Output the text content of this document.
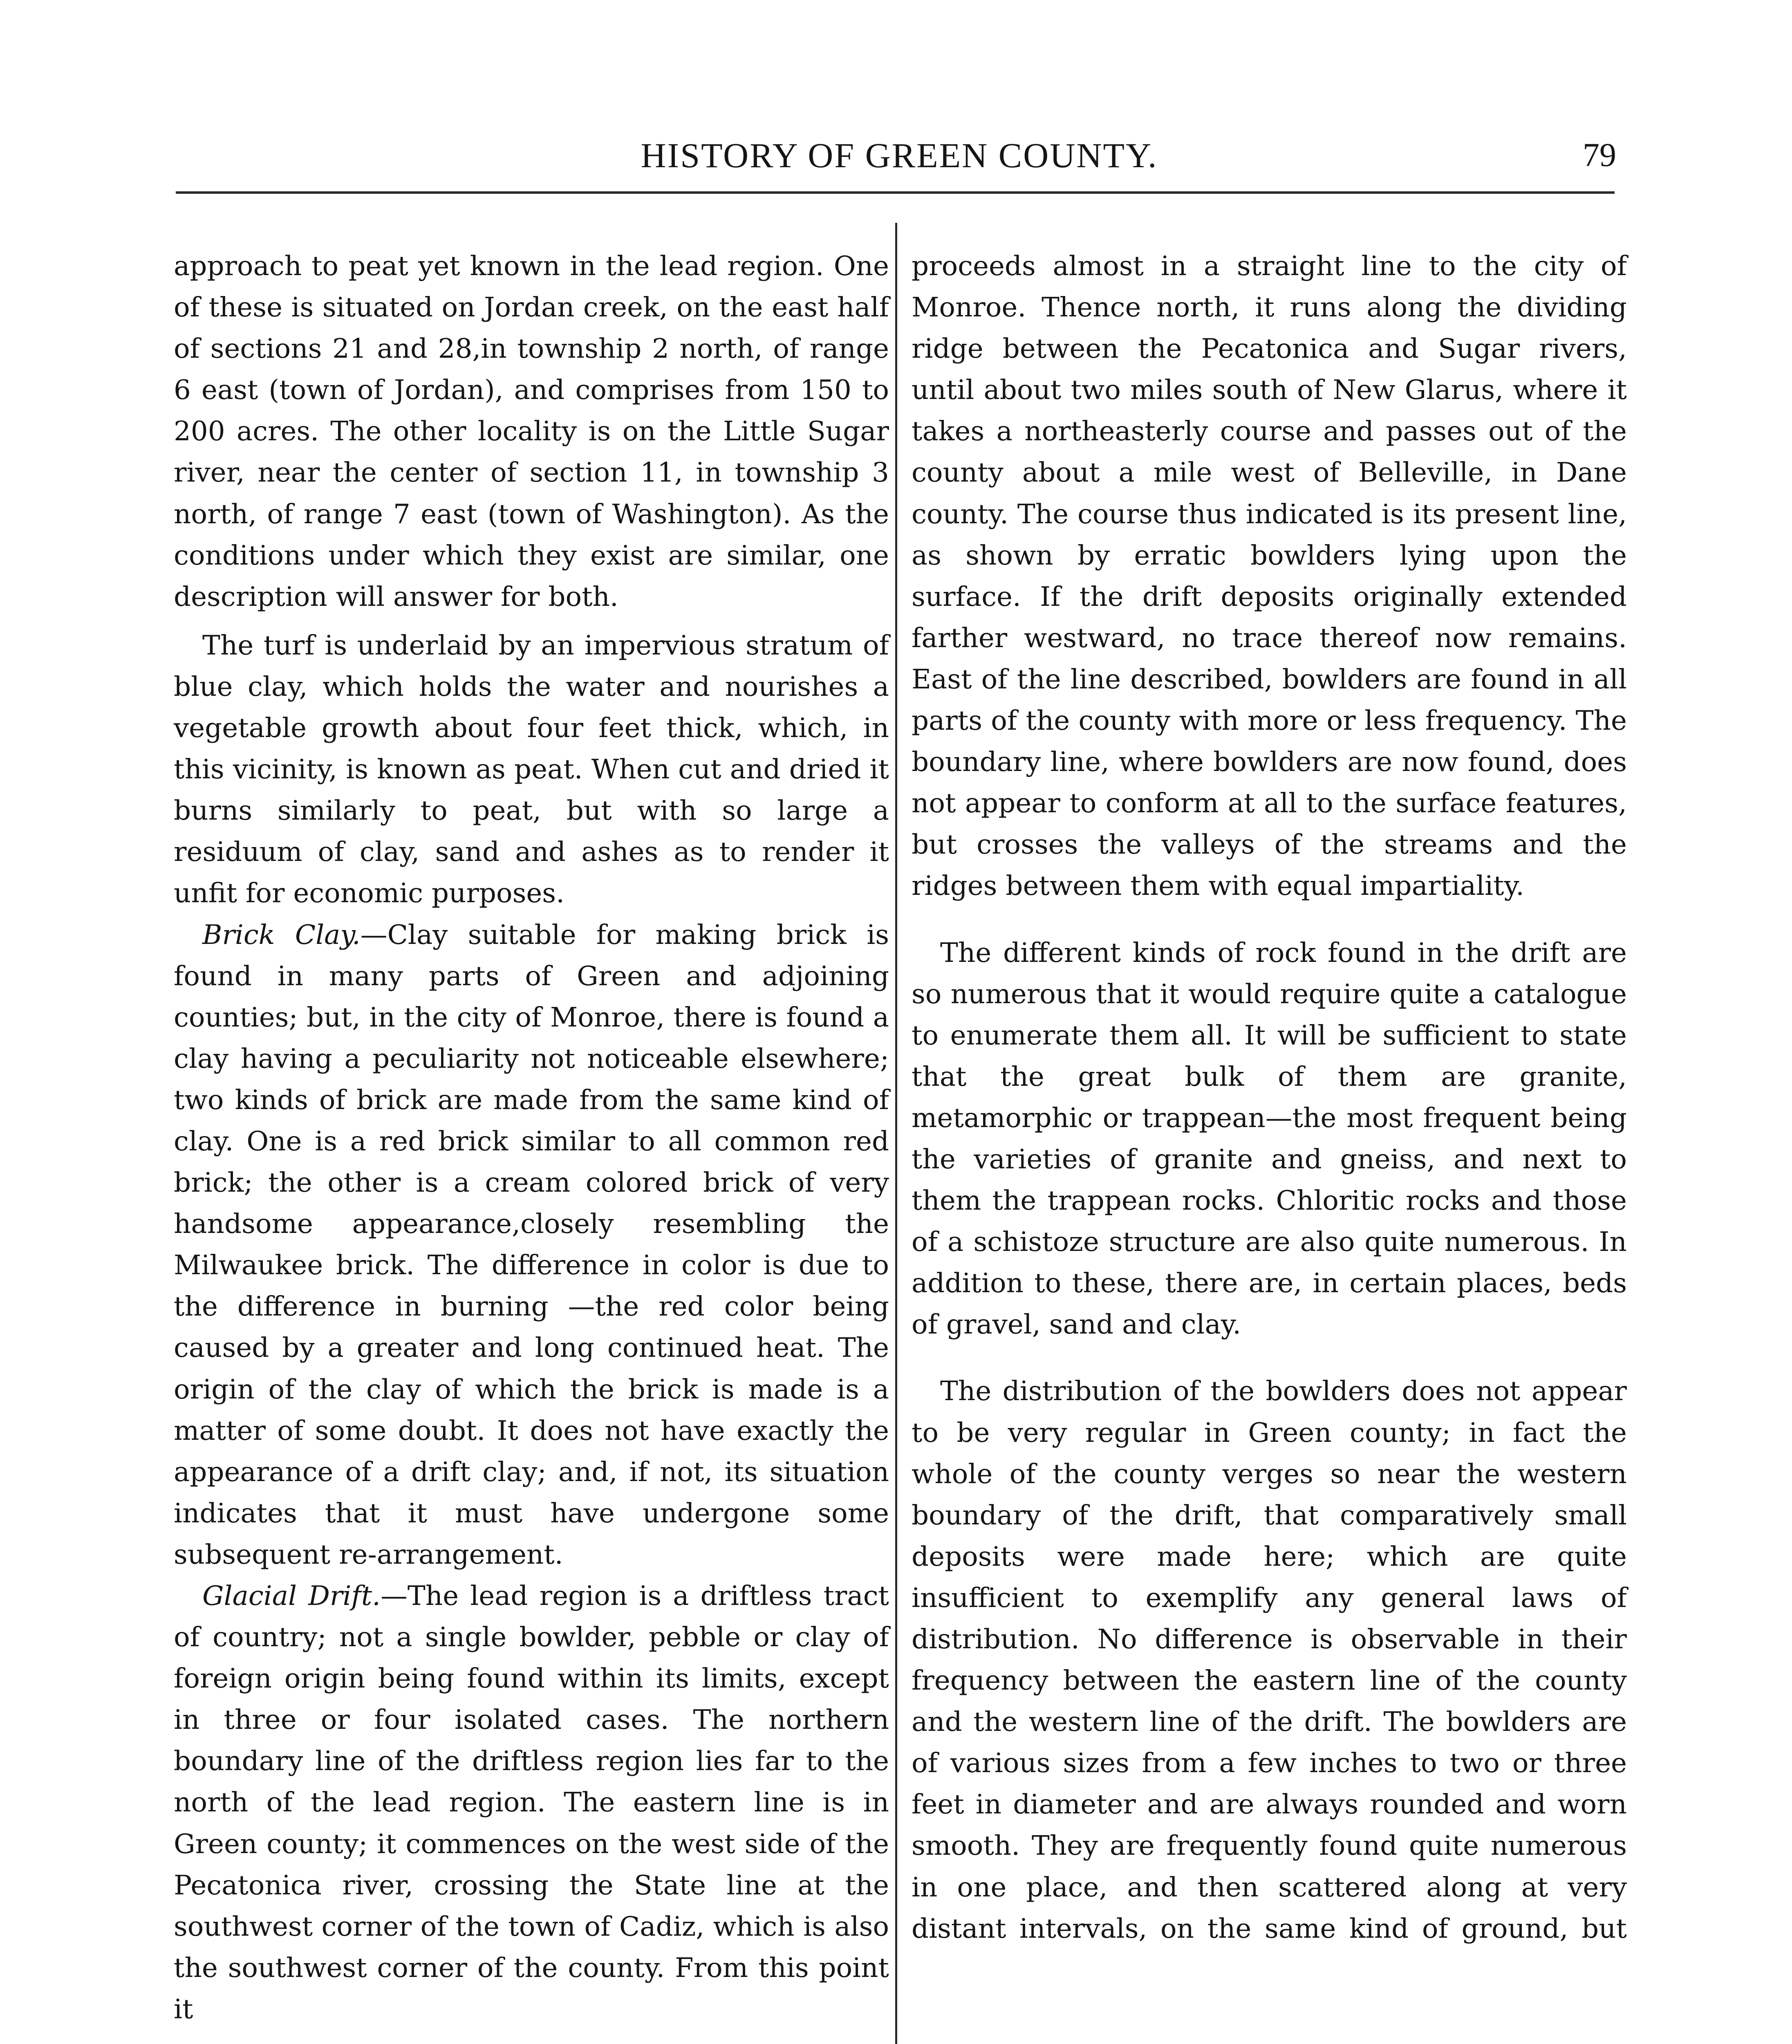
HISTORY OF GREEN COUNTY.	79

approach to peat yet known in the lead region. One of these is situated on Jordan creek, on the east half of sections 21 and 28,in township 2 north, of range 6 east (town of Jordan), and comprises from 150 to 200 acres. The other locality is on the Little Sugar river, near the center of section 11, in township 3 north, of range 7 east (town of Washington). As the conditions under which they exist are similar, one description will answer for both.

The turf is underlaid by an impervious stratum of blue clay, which holds the water and nourishes a vegetable growth about four feet thick, which, in this vicinity, is known as peat. When cut and dried it burns similarly to peat, but with so large a residuum of clay, sand and ashes as to render it unfit for economic purposes.

Brick Clay.—Clay suitable for making brick is found in many parts of Green and adjoining counties; but, in the city of Monroe, there is found a clay having a peculiarity not noticeable elsewhere; two kinds of brick are made from the same kind of clay. One is a red brick similar to all common red brick; the other is a cream colored brick of very handsome appearance,closely resembling the Milwaukee brick. The difference in color is due to the difference in burning —the red color being caused by a greater and long continued heat. The origin of the clay of which the brick is made is a matter of some doubt. It does not have exactly the appearance of a drift clay; and, if not, its situation indicates that it must have undergone some subsequent re-arrangement.

Glacial Drift.—The lead region is a driftless tract of country; not a single bowlder, pebble or clay of foreign origin being found within its limits, except in three or four isolated cases. The northern boundary line of the driftless region lies far to the north of the lead region. The eastern line is in Green county; it commences on the west side of the Pecatonica river, crossing the State line at the southwest corner of the town of Cadiz, which is also the southwest corner of the county. From this point it

proceeds almost in a straight line to the city of Monroe. Thence north, it runs along the dividing ridge between the Pecatonica and Sugar rivers, until about two miles south of New Glarus, where it takes a northeasterly course and passes out of the county about a mile west of Belleville, in Dane county. The course thus indicated is its present line, as shown by erratic bowlders lying upon the surface. If the drift deposits originally extended farther westward, no trace thereof now remains. East of the line described, bowlders are found in all parts of the county with more or less frequency. The boundary line, where bowlders are now found, does not appear to conform at all to the surface features, but crosses the valleys of the streams and the ridges between them with equal impartiality.

The different kinds of rock found in the drift are so numerous that it would require quite a catalogue to enumerate them all. It will be sufficient to state that the great bulk of them are granite, metamorphic or trappean—the most frequent being the varieties of granite and gneiss, and next to them the trappean rocks. Chloritic rocks and those of a schistoze structure are also quite numerous. In addition to these, there are, in certain places, beds of gravel, sand and clay.

The distribution of the bowlders does not appear to be very regular in Green county; in fact the whole of the county verges so near the western boundary of the drift, that comparatively small deposits were made here; which are quite insufficient to exemplify any general laws of distribution. No difference is observable in their frequency between the eastern line of the county and the western line of the drift. The bowlders are of various sizes from a few inches to two or three feet in diameter and are always rounded and worn smooth. They are frequently found quite numerous in one place, and then scattered along at very distant intervals, on the same kind of ground, but
